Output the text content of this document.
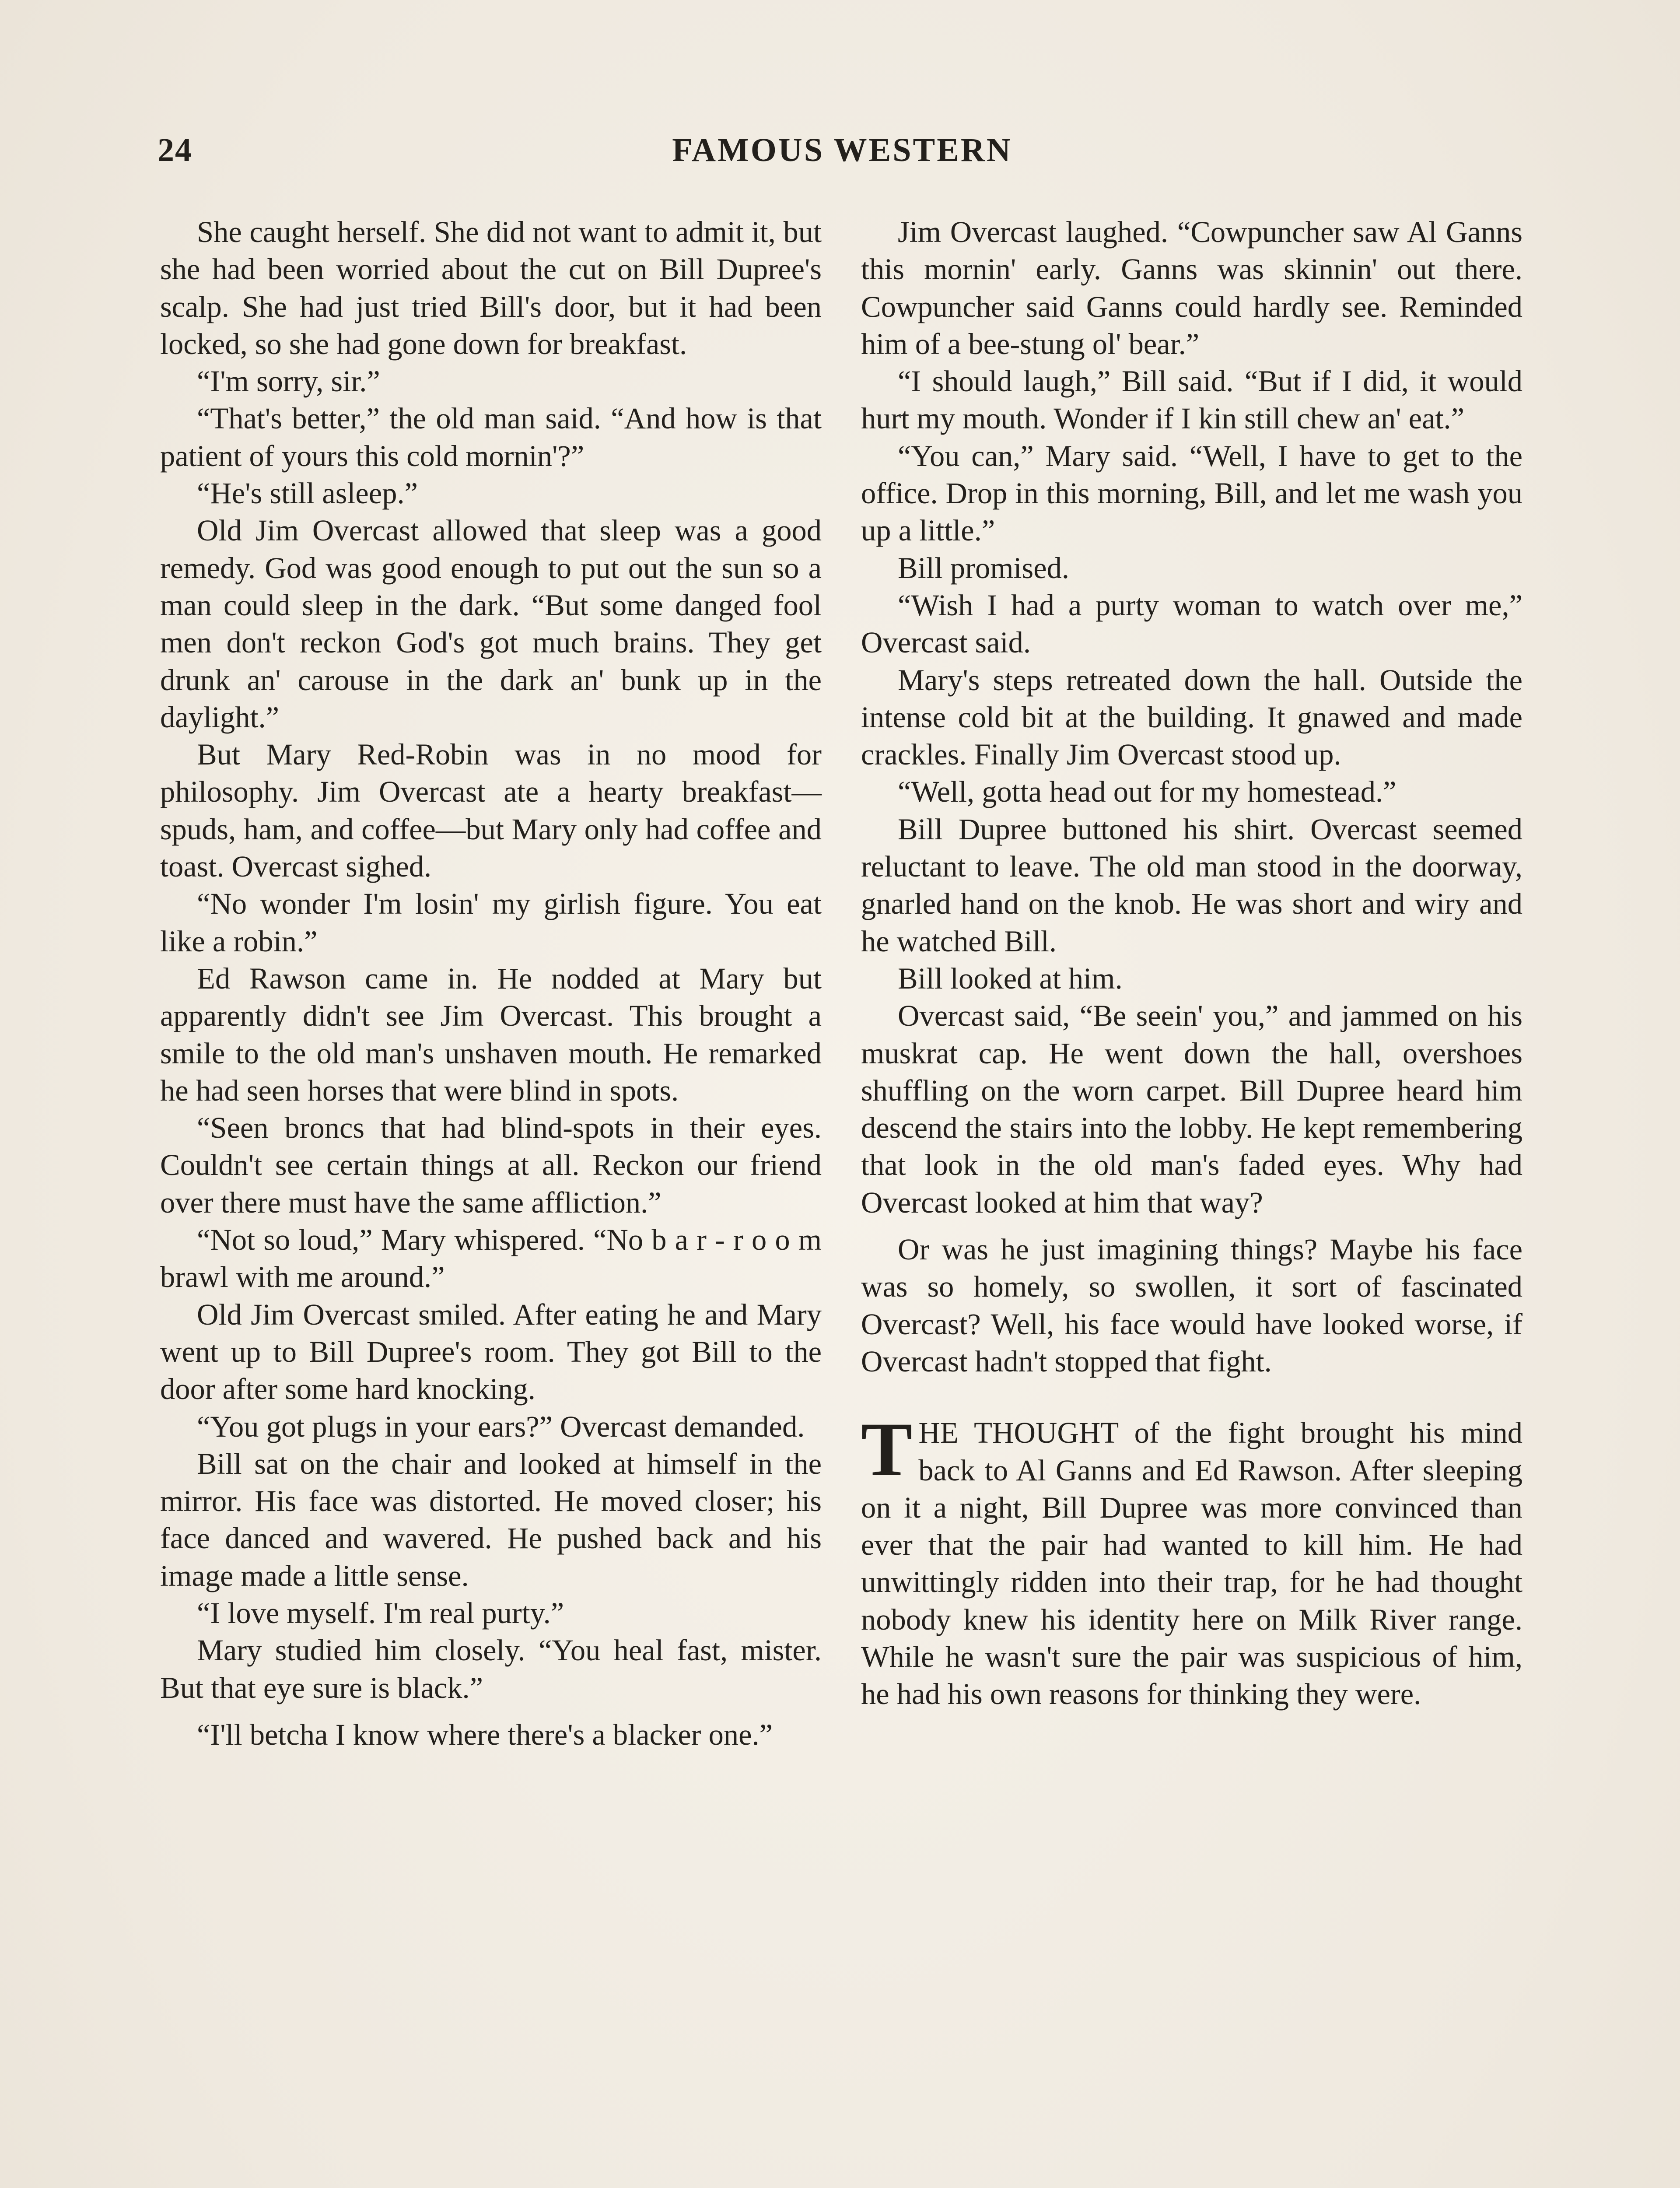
24	FAMOUS WESTERN

She caught herself. She did not want to admit it, but she had been worried about the cut on Bill Dupree's scalp. She had just tried Bill's door, but it had been locked, so she had gone down for breakfast.

“I'm sorry, sir.”

“That's better,” the old man said. “And how is that patient of yours this cold mornin'?”

“He's still asleep.”

Old Jim Overcast allowed that sleep was a good remedy. God was good enough to put out the sun so a man could sleep in the dark. “But some danged fool men don't reckon God's got much brains. They get drunk an' carouse in the dark an' bunk up in the daylight.”

But Mary Red-Robin was in no mood for philosophy. Jim Overcast ate a hearty breakfast—spuds, ham, and coffee—but Mary only had coffee and toast. Overcast sighed.

“No wonder I'm losin' my girlish figure. You eat like a robin.”

Ed Rawson came in. He nodded at Mary but apparently didn't see Jim Overcast. This brought a smile to the old man's unshaven mouth. He remarked he had seen horses that were blind in spots.

“Seen broncs that had blind-spots in their eyes. Couldn't see certain things at all. Reckon our friend over there must have the same affliction.”

“Not so loud,” Mary whispered. “No b a r - r o o m brawl with me around.”

Old Jim Overcast smiled. After eating he and Mary went up to Bill Dupree's room. They got Bill to the door after some hard knocking.

“You got plugs in your ears?” Overcast demanded.

Bill sat on the chair and looked at himself in the mirror. His face was distorted. He moved closer; his face danced and wavered. He pushed back and his image made a little sense.

“I love myself. I'm real purty.”

Mary studied him closely. “You heal fast, mister. But that eye sure is black.”

“I'll betcha I know where there's a blacker one.”

Jim Overcast laughed. “Cowpuncher saw Al Ganns this mornin' early. Ganns was skinnin' out there. Cowpuncher said Ganns could hardly see. Reminded him of a bee-stung ol' bear.”

“I should laugh,” Bill said. “But if I did, it would hurt my mouth. Wonder if I kin still chew an' eat.”

“You can,” Mary said. “Well, I have to get to the office. Drop in this morning, Bill, and let me wash you up a little.”

Bill promised.

“Wish I had a purty woman to watch over me,” Overcast said.

Mary's steps retreated down the hall. Outside the intense cold bit at the building. It gnawed and made crackles. Finally Jim Overcast stood up.

“Well, gotta head out for my homestead.”

Bill Dupree buttoned his shirt. Overcast seemed reluctant to leave. The old man stood in the doorway, gnarled hand on the knob. He was short and wiry and he watched Bill.

Bill looked at him.

Overcast said, “Be seein' you,” and jammed on his muskrat cap. He went down the hall, overshoes shuffling on the worn carpet. Bill Dupree heard him descend the stairs into the lobby. He kept remembering that look in the old man's faded eyes. Why had Overcast looked at him that way?

Or was he just imagining things? Maybe his face was so homely, so swollen, it sort of fascinated Overcast? Well, his face would have looked worse, if Overcast hadn't stopped that fight.

THE THOUGHT of the fight brought his mind back to Al Ganns and Ed Rawson. After sleeping on it a night, Bill Dupree was more convinced than ever that the pair had wanted to kill him. He had unwittingly ridden into their trap, for he had thought nobody knew his identity here on Milk River range. While he wasn't sure the pair was suspicious of him, he had his own reasons for thinking they were.
